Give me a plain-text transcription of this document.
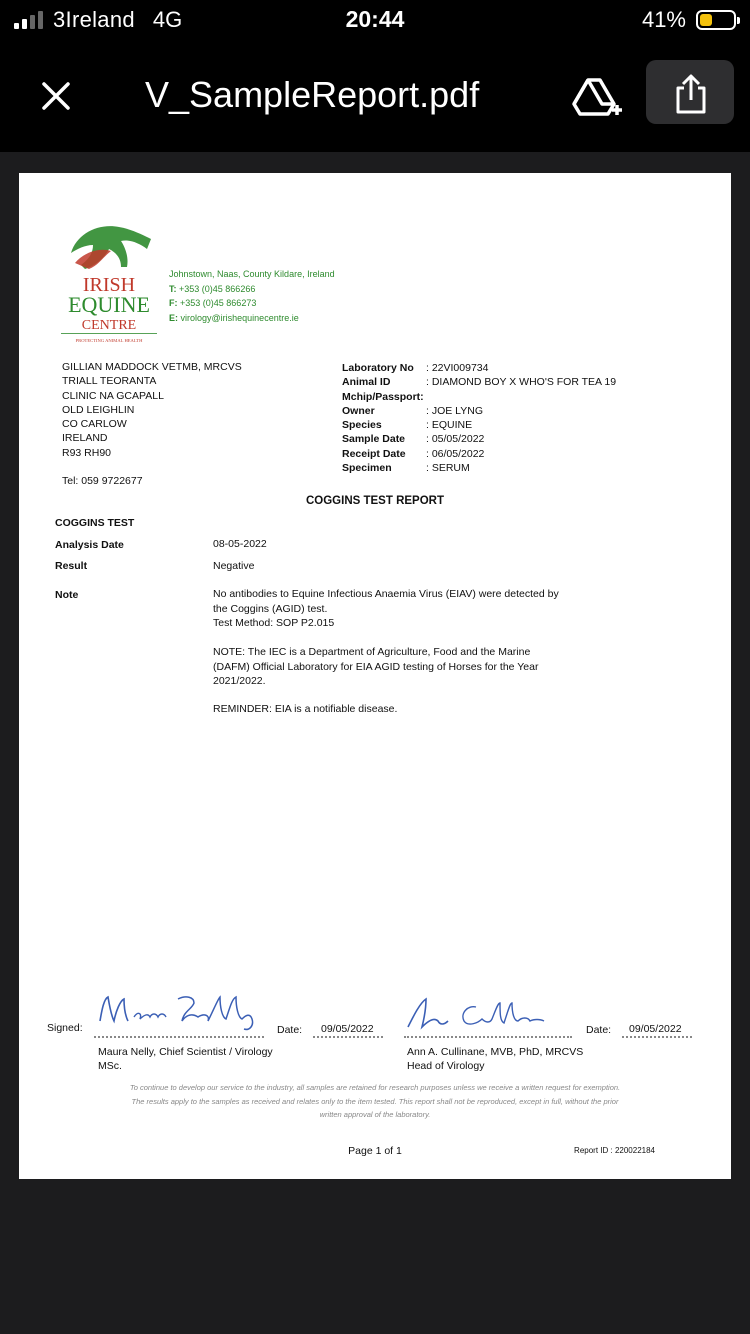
3Ireland 4G	20:44	41%
V_SampleReport.pdf
IRISH
EQUINE
CENTRE
PROTECTING ANIMAL HEALTH
Johnstown, Naas, County Kildare, Ireland
T: +353 (0)45 866266
F: +353 (0)45 866273
E: virology@irishequinecentre.ie
GILLIAN MADDOCK VETMB, MRCVS
TRIALL TEORANTA
CLINIC NA GCAPALL
OLD LEIGHLIN
CO CARLOW
IRELAND
R93 RH90
Tel: 059 9722677
Laboratory No	: 22VI009734
Animal ID	: DIAMOND BOY X WHO'S FOR TEA 19
Mchip/Passport:
Owner	: JOE LYNG
Species	: EQUINE
Sample Date	: 05/05/2022
Receipt Date	: 06/05/2022
Specimen	: SERUM
COGGINS TEST REPORT
COGGINS TEST
Analysis Date	08-05-2022
Result	Negative
Note	No antibodies to Equine Infectious Anaemia Virus (EIAV) were detected by
the Coggins (AGID) test.
Test Method: SOP P2.015
NOTE: The IEC is a Department of Agriculture, Food and the Marine
(DAFM) Official Laboratory for EIA AGID testing of Horses for the Year
2021/2022.
REMINDER: EIA is a notifiable disease.
Signed:	Date: 09/05/2022
Maura Nelly, Chief Scientist / Virology
MSc.
Date: 09/05/2022
Ann A. Cullinane, MVB, PhD, MRCVS
Head of Virology
To continue to develop our service to the industry, all samples are retained for research purposes unless we receive a written request for exemption.
The results apply to the samples as received and relates only to the item tested. This report shall not be reproduced, except in full, without the prior
written approval of the laboratory.
Page 1 of 1	Report ID : 220022184
